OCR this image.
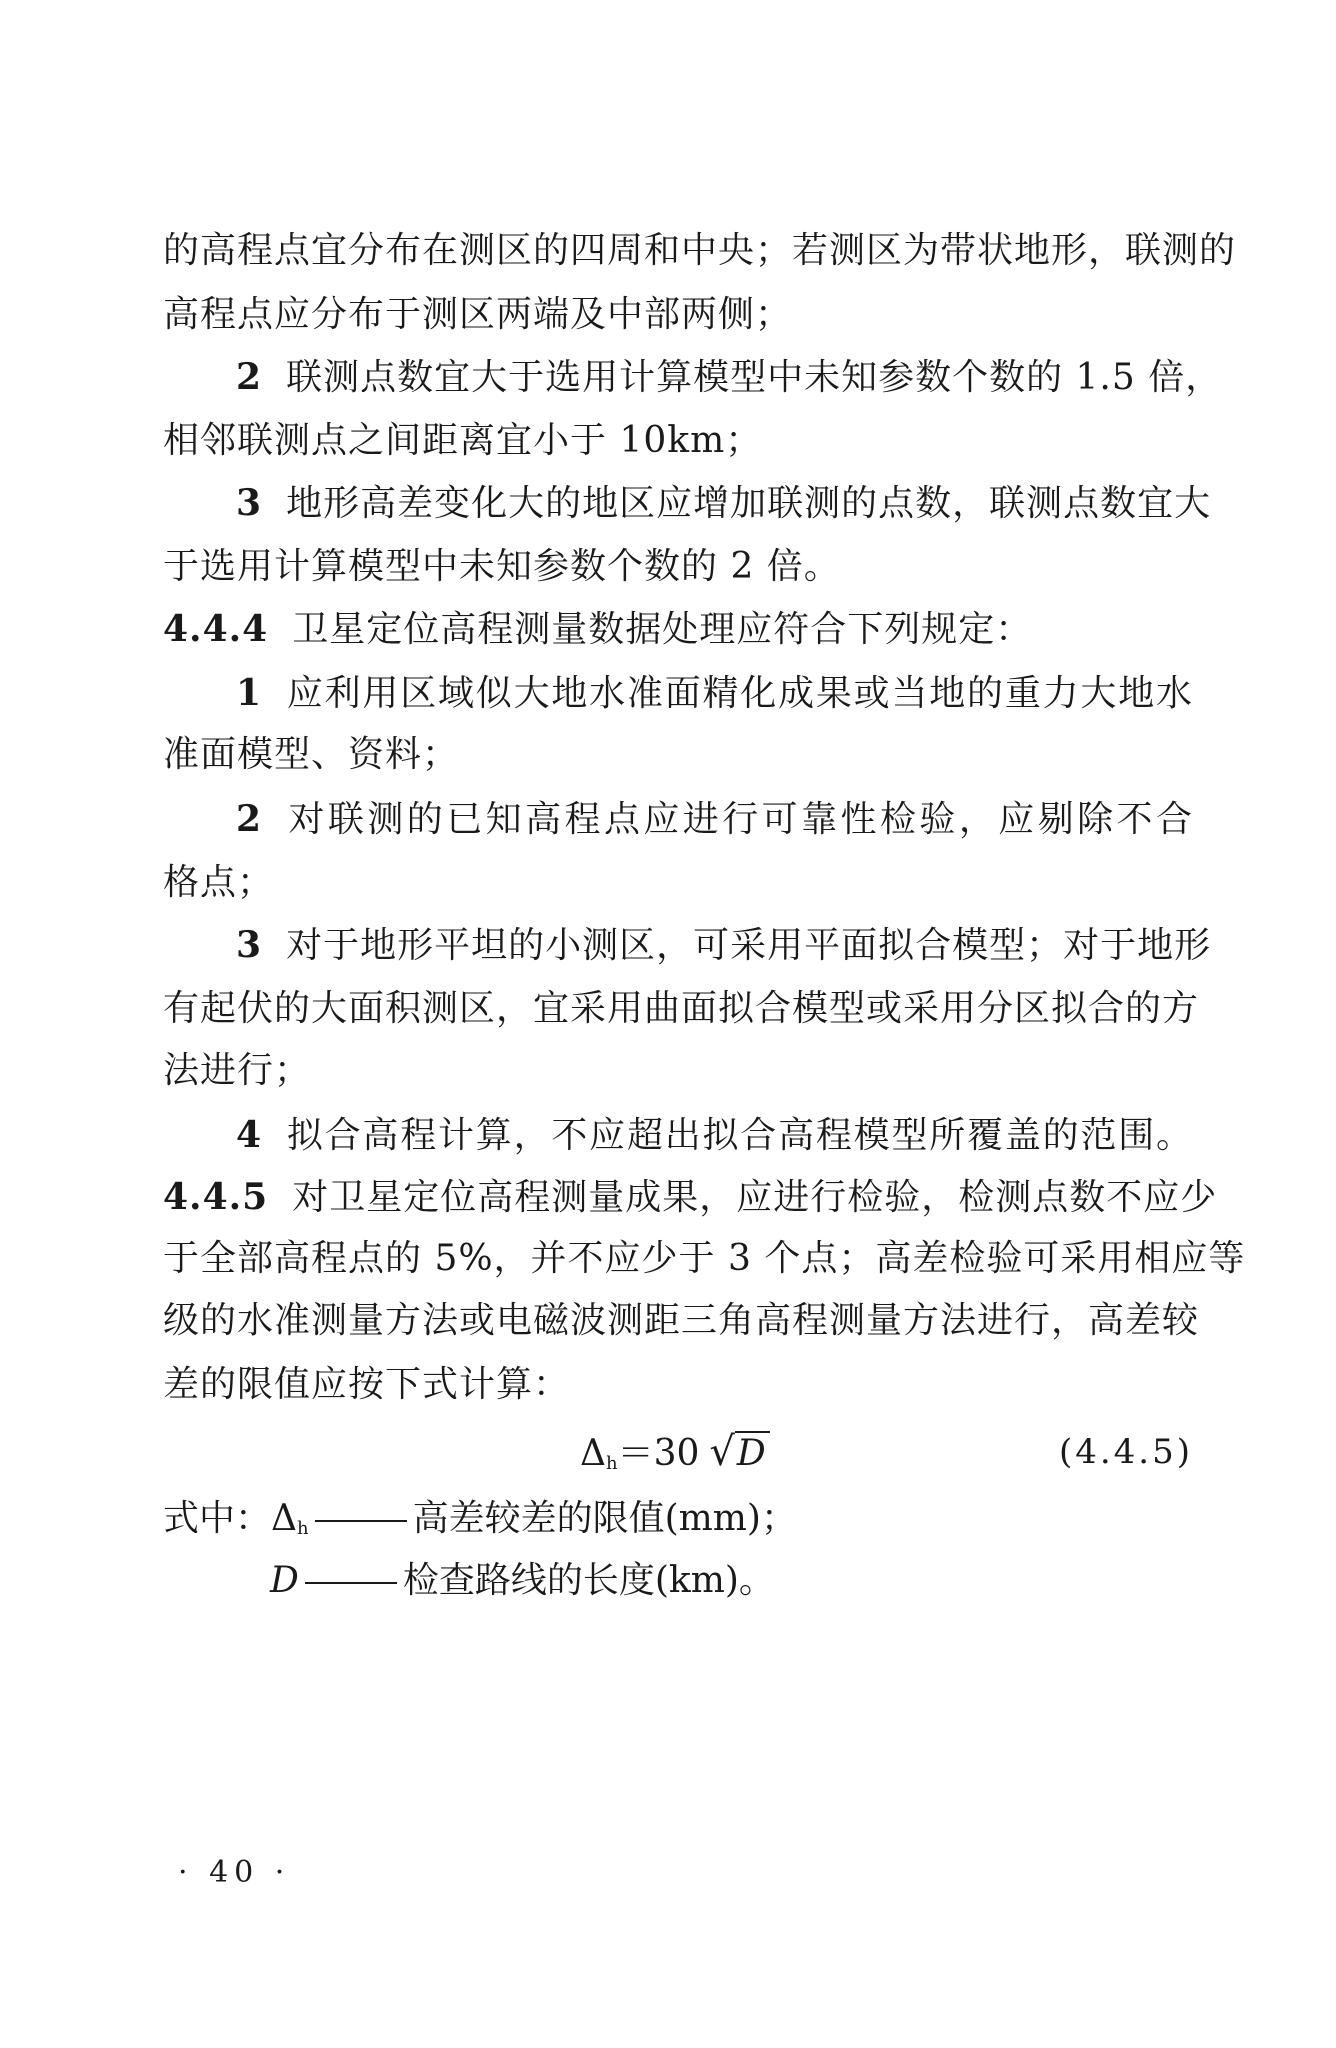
的高程点宜分布在测区的四周和中央；若测区为带状地形，联测的
高程点应分布于测区两端及中部两侧；
2 联测点数宜大于选用计算模型中未知参数个数的 1.5 倍，
相邻联测点之间距离宜小于 10km；
3 地形高差变化大的地区应增加联测的点数，联测点数宜大
于选用计算模型中未知参数个数的 2 倍。
4.4.4 卫星定位高程测量数据处理应符合下列规定：
1 应利用区域似大地水准面精化成果或当地的重力大地水
准面模型、资料；
2 对联测的已知高程点应进行可靠性检验，应剔除不合
格点；
3 对于地形平坦的小测区，可采用平面拟合模型；对于地形
有起伏的大面积测区，宜采用曲面拟合模型或采用分区拟合的方
法进行；
4 拟合高程计算，不应超出拟合高程模型所覆盖的范围。
4.4.5 对卫星定位高程测量成果，应进行检验，检测点数不应少
于全部高程点的 5%，并不应少于 3 个点；高差检验可采用相应等
级的水准测量方法或电磁波测距三角高程测量方法进行，高差较
差的限值应按下式计算：
$\Delta_h=30$ √D	(4.4.5)
式中：$\Delta_h$	高差较差的限值(mm)；
D	检查路线的长度(km)。
· 40 ·
